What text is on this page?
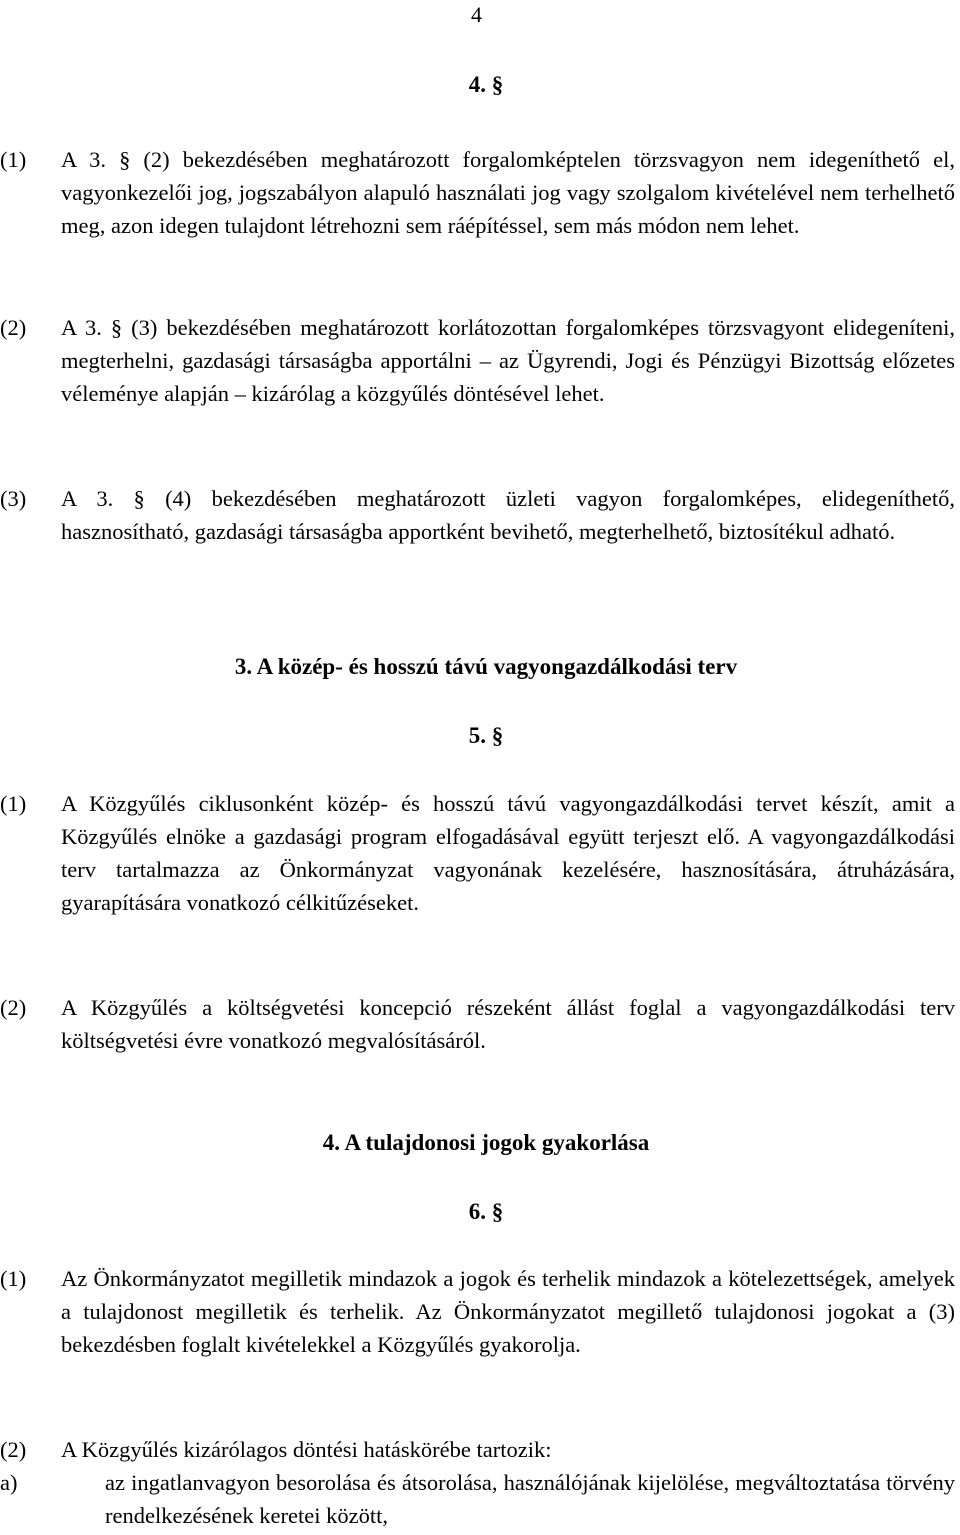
4
4. §
(1) A 3. § (2) bekezdésében meghatározott forgalomképtelen törzsvagyon nem idegeníthető el, vagyonkezelői jog, jogszabályon alapuló használati jog vagy szolgalom kivételével nem terhelhető meg, azon idegen tulajdont létrehozni sem ráépítéssel, sem más módon nem lehet.
(2) A 3. § (3) bekezdésében meghatározott korlátozottan forgalomképes törzsvagyont elidegeníteni, megterhelni, gazdasági társaságba apportálni – az Ügyrendi, Jogi és Pénzügyi Bizottság előzetes véleménye alapján – kizárólag a közgyűlés döntésével lehet.
(3) A 3. § (4) bekezdésében meghatározott üzleti vagyon forgalomképes, elidegeníthető, hasznosítható, gazdasági társaságba apportként bevihető, megterhelhető, biztosítékul adható.
3. A közép- és hosszú távú vagyongazdálkodási terv
5. §
(1) A Közgyűlés ciklusonként közép- és hosszú távú vagyongazdálkodási tervet készít, amit a Közgyűlés elnöke a gazdasági program elfogadásával együtt terjeszt elő. A vagyongazdálkodási terv tartalmazza az Önkormányzat vagyonának kezelésére, hasznosítására, átruházására, gyarapítására vonatkozó célkitűzéseket.
(2) A Közgyűlés a költségvetési koncepció részeként állást foglal a vagyongazdálkodási terv költségvetési évre vonatkozó megvalósításáról.
4. A tulajdonosi jogok gyakorlása
6. §
(1) Az Önkormányzatot megilletik mindazok a jogok és terhelik mindazok a kötelezettségek, amelyek a tulajdonost megilletik és terhelik. Az Önkormányzatot megillető tulajdonosi jogokat a (3) bekezdésben foglalt kivételekkel a Közgyűlés gyakorolja.
(2) A Közgyűlés kizárólagos döntési hatáskörébe tartozik:
a)	az ingatlanvagyon besorolása és átsorolása, használójának kijelölése, megváltoztatása törvény rendelkezésének keretei között,
